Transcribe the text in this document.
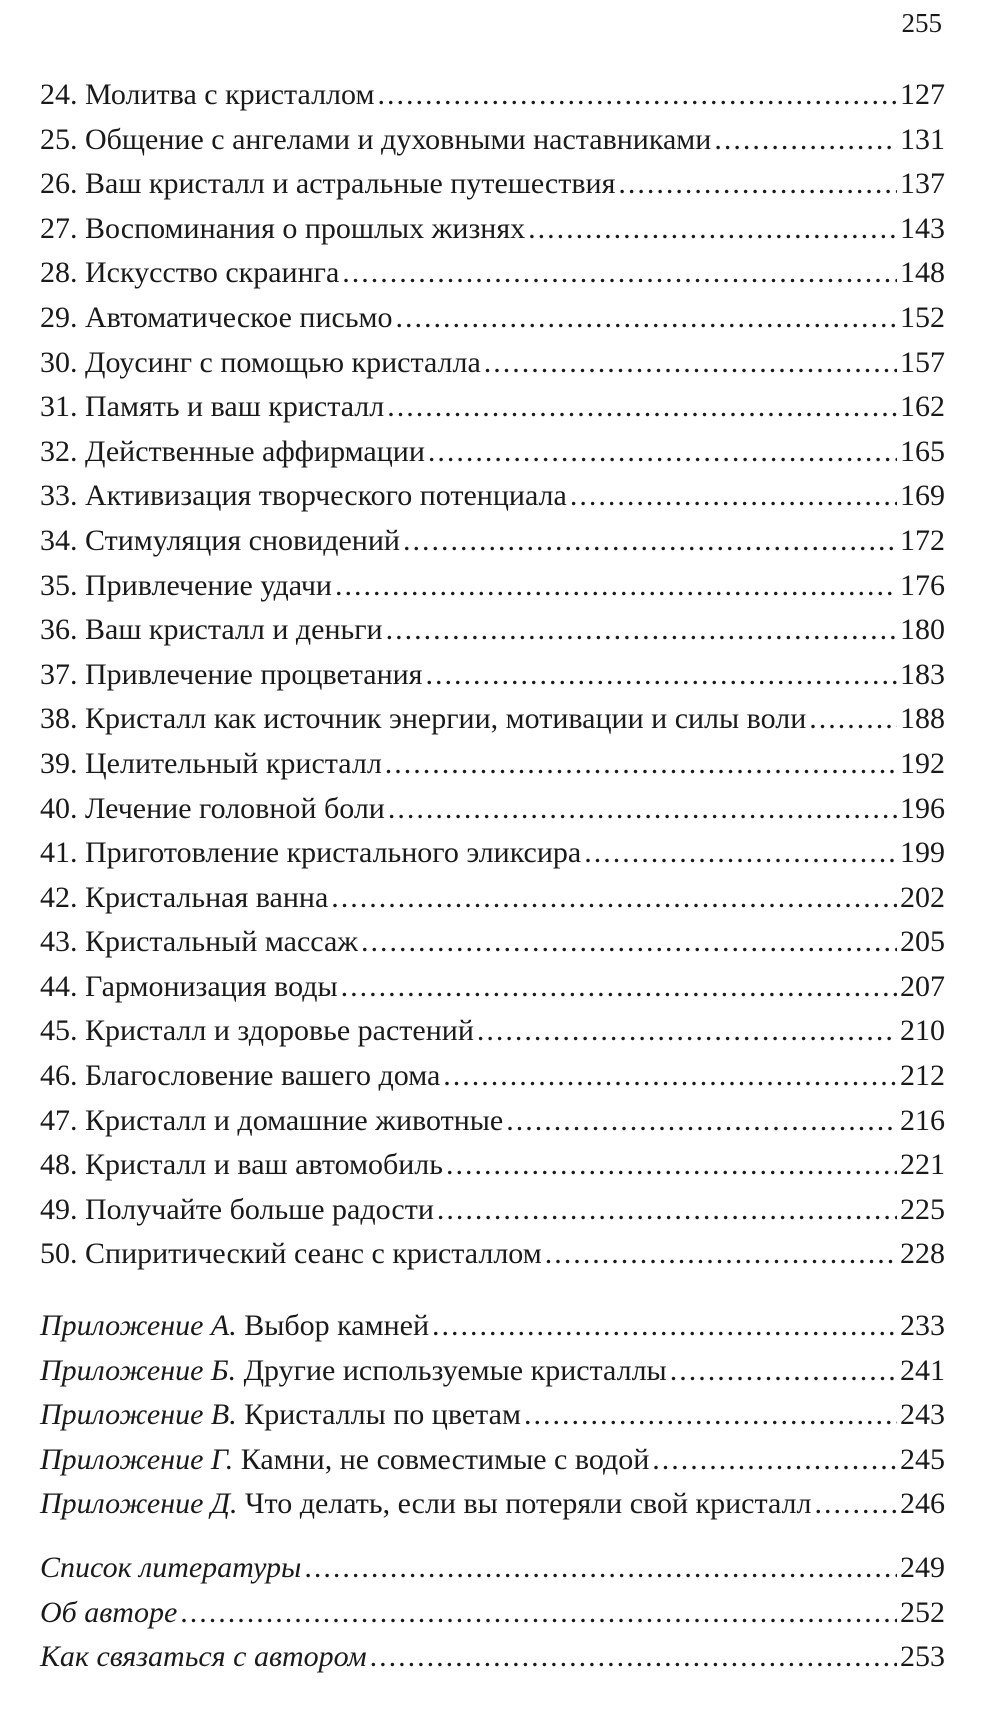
255
24. Молитва с кристаллом .....	127
25. Общение с ангелами и духовными наставниками .....	131
26. Ваш кристалл и астральные путешествия .....	137
27. Воспоминания о прошлых жизнях .....	143
28. Искусство скраинга .....	148
29. Автоматическое письмо .....	152
30. Доусинг с помощью кристалла .....	157
31. Память и ваш кристалл .....	162
32. Действенные аффирмации .....	165
33. Активизация творческого потенциала .....	169
34. Стимуляция сновидений .....	172
35. Привлечение удачи .....	176
36. Ваш кристалл и деньги .....	180
37. Привлечение процветания .....	183
38. Кристалл как источник энергии, мотивации и силы воли .....	188
39. Целительный кристалл .....	192
40. Лечение головной боли .....	196
41. Приготовление кристального эликсира .....	199
42. Кристальная ванна .....	202
43. Кристальный массаж .....	205
44. Гармонизация воды .....	207
45. Кристалл и здоровье растений .....	210
46. Благословение вашего дома .....	212
47. Кристалл и домашние животные .....	216
48. Кристалл и ваш автомобиль .....	221
49. Получайте больше радости .....	225
50. Спиритический сеанс с кристаллом .....	228
Приложение А. Выбор камней .....	233
Приложение Б. Другие используемые кристаллы .....	241
Приложение В. Кристаллы по цветам .....	243
Приложение Г. Камни, не совместимые с водой .....	245
Приложение Д. Что делать, если вы потеряли свой кристалл .....	246
Список литературы .....	249
Об авторе .....	252
Как связаться с автором .....	253
